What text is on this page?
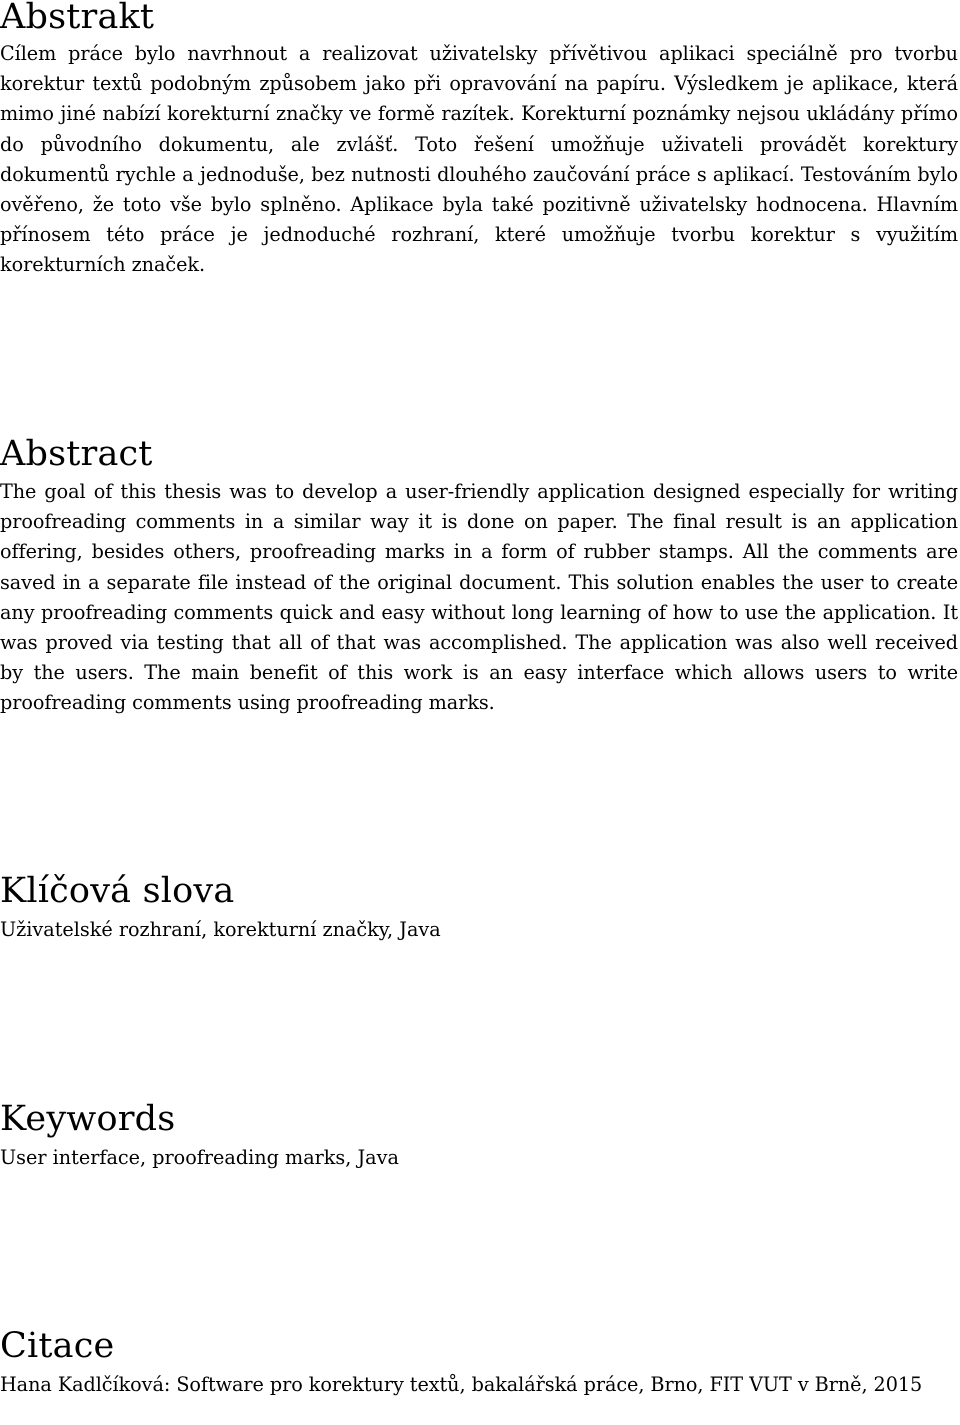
Abstrakt

Cílem práce bylo navrhnout a realizovat uživatelsky přívětivou aplikaci speciálně pro tvorbu korektur textů podobným způsobem jako při opravování na papíru. Výsledkem je aplikace, která mimo jiné nabízí korekturní značky ve formě razítek. Korekturní poznámky nejsou ukládány přímo do původního dokumentu, ale zvlášť. Toto řešení umožňuje uživateli provádět korektury dokumentů rychle a jednoduše, bez nutnosti dlouhého zaučování práce s aplikací. Testováním bylo ověřeno, že toto vše bylo splněno. Aplikace byla také pozitivně uživatelsky hodnocena. Hlavním přínosem této práce je jednoduché rozhraní, které umožňuje tvorbu korektur s využitím korekturních značek.

Abstract

The goal of this thesis was to develop a user-friendly application designed especially for writing proofreading comments in a similar way it is done on paper. The final result is an application offering, besides others, proofreading marks in a form of rubber stamps. All the comments are saved in a separate file instead of the original document. This solution enables the user to create any proofreading comments quick and easy without long learning of how to use the application. It was proved via testing that all of that was accomplished. The application was also well received by the users. The main benefit of this work is an easy interface which allows users to write proofreading comments using proofreading marks.

Klíčová slova

Uživatelské rozhraní, korekturní značky, Java

Keywords

User interface, proofreading marks, Java

Citace

Hana Kadlčíková: Software pro korektury textů, bakalářská práce, Brno, FIT VUT v Brně, 2015
